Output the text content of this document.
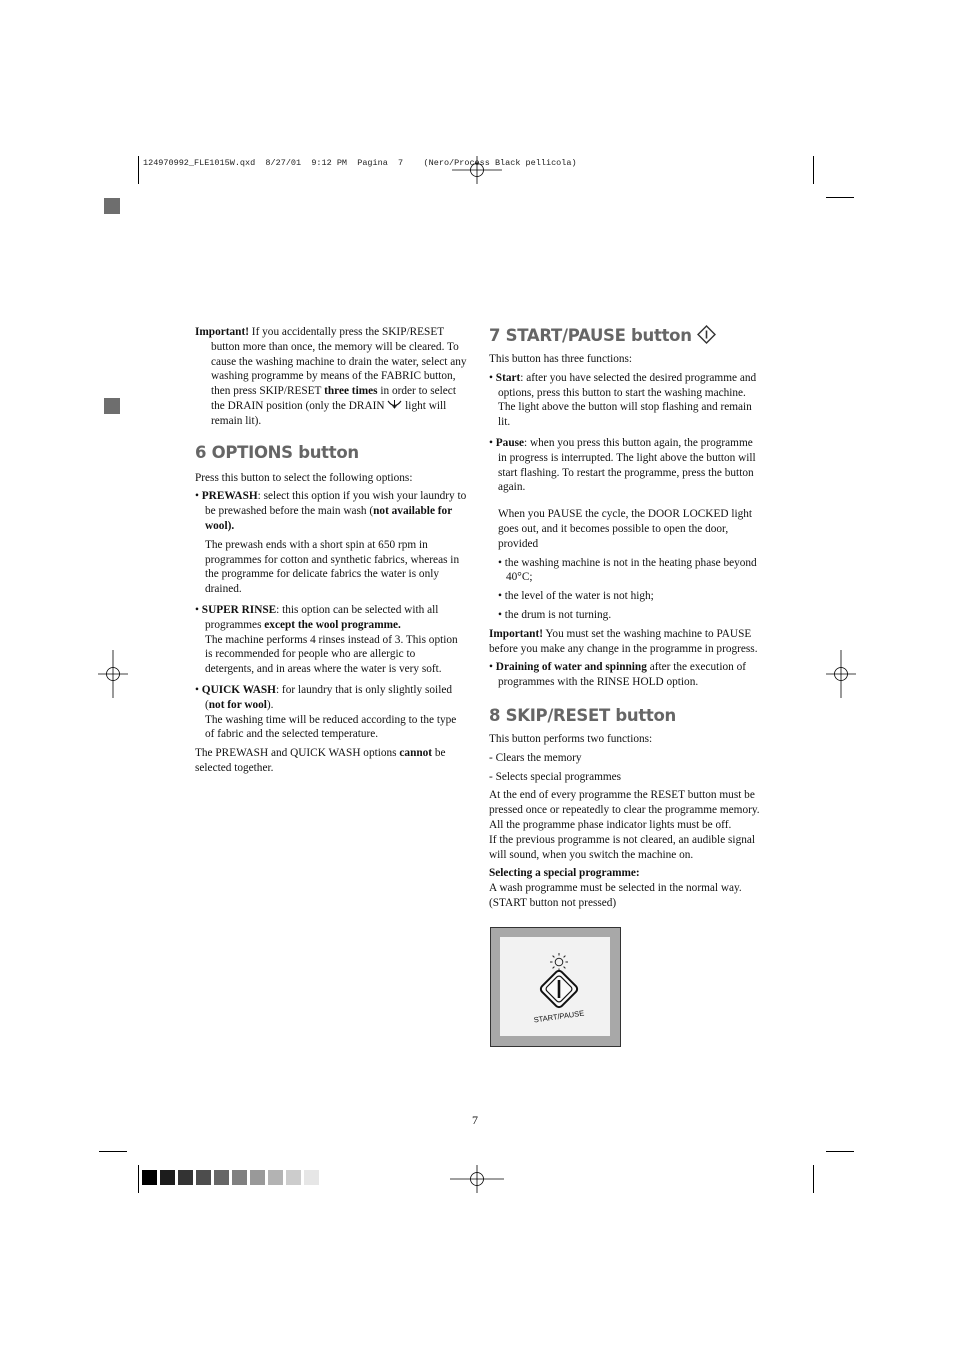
124970992_FLE1015W.qxd  8/27/01  9:12 PM  Pagina  7    (Nero/Process Black pellicola)

Important! If you accidentally press the SKIP/RESET button more than once, the memory will be cleared. To cause the washing machine to drain the water, select any washing programme by means of the FABRIC button, then press SKIP/RESET three times in order to select the DRAIN position (only the DRAIN  light will remain lit).

6 OPTIONS button

Press this button to select the following options:

• PREWASH: select this option if you wish your laundry to be prewashed before the main wash (not available for wool).

The prewash ends with a short spin at 650 rpm in programmes for cotton and synthetic fabrics, whereas in the programme for delicate fabrics the water is only drained.

• SUPER RINSE: this option can be selected with all programmes except the wool programme.

The machine performs 4 rinses instead of 3. This option is recommended for people who are allergic to detergents, and in areas where the water is very soft.

• QUICK WASH: for laundry that is only slightly soiled (not for wool).

The washing time will be reduced according to the type of fabric and the selected temperature.

The PREWASH and QUICK WASH options cannot be selected together.

7 START/PAUSE button

This button has three functions:

• Start: after you have selected the desired programme and options, press this button to start the washing machine. The light above the button will stop flashing and remain lit.

• Pause: when you press this button again, the programme in progress is interrupted. The light above the button will start flashing. To restart the programme, press the button again.

When you PAUSE the cycle, the DOOR LOCKED light goes out, and it becomes possible to open the door, provided

• the washing machine is not in the heating phase beyond 40°C;

• the level of the water is not high;

• the drum is not turning.

Important! You must set the washing machine to PAUSE before you make any change in the programme in progress.

• Draining of water and spinning after the execution of programmes with the RINSE HOLD option.

8 SKIP/RESET button

This button performs two functions:

- Clears the memory

- Selects special programmes

At the end of every programme the RESET button must be pressed once or repeatedly to clear the programme memory. All the programme phase indicator lights must be off.

If the previous programme is not cleared, an audible signal will sound, when you switch the machine on.

Selecting a special programme:

A wash programme must be selected in the normal way. (START button not pressed)

START/PAUSE
7
